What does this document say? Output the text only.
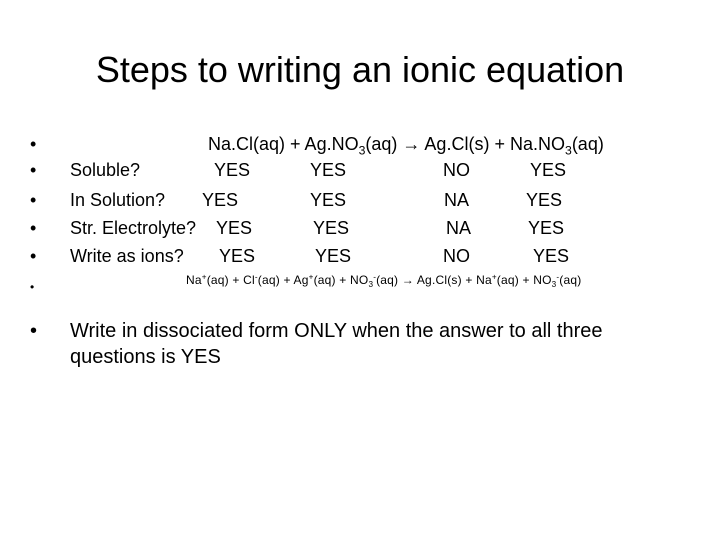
Steps to writing an ionic equation
•
•
•
•
•
•
$Na.Cl(aq) + Ag.NO_3(aq) \to Ag.Cl(s) + Na.NO_3(aq)$
Soluble?	YES	YES	NO	YES
In Solution? YES	YES	NA	YES
Str. Electrolyte? YES	YES	NA	YES
Write as ions? YES	YES	NO	YES
$Na^+(aq) + Cl^-(aq) + Ag^+(aq) + NO_3^-(aq) \to Ag.Cl(s) + Na^+(aq) + NO_3^-(aq)$
• Write in dissociated form ONLY when the answer to all three questions is YES
